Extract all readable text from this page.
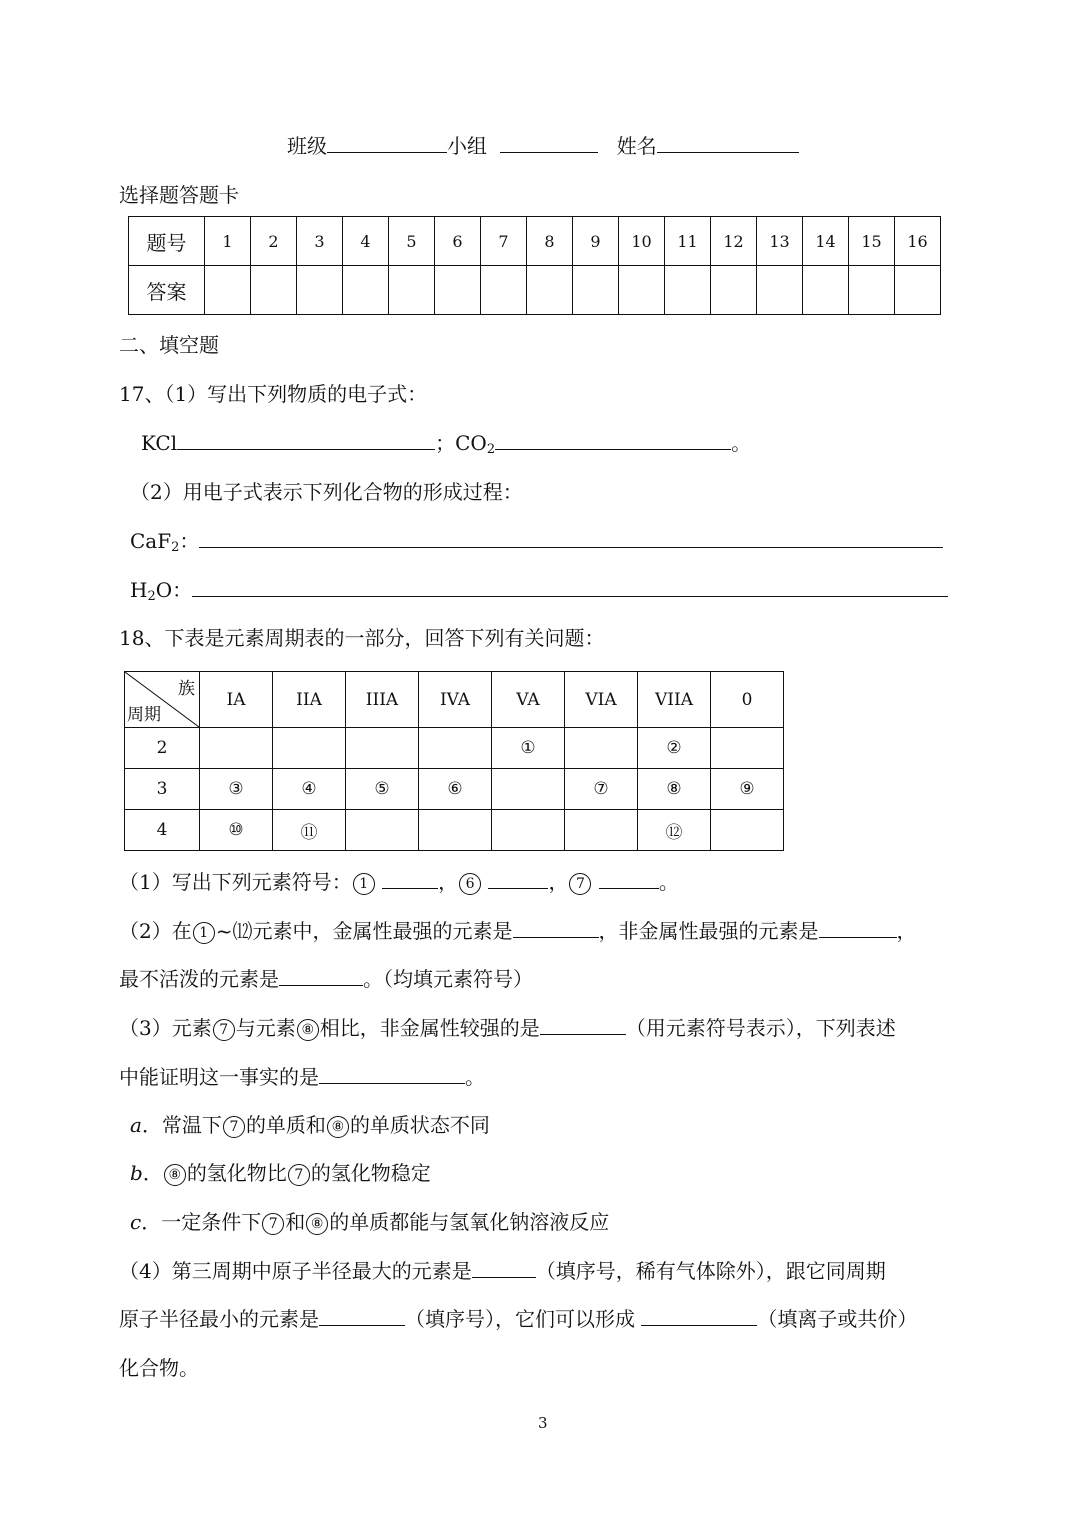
班级	小组	姓名
选择题答题卡
题号	1	2	3	4	5	6	7	8	9	10	11	12	13	14	15	16
答案																
二、填空题
17、（1）写出下列物质的电子式：
KCl	；$CO_2$	。
（2）用电子式表示下列化合物的形成过程：
CaF$_2$：
$H_2O$：
18、下表是元素周期表的一部分，回答下列有关问题：
族
周期	IA	IIA	IIIA	IVA	VA	VIA	VIIA	0
2					①		②	
3	③	④	⑤	⑥		⑦	⑧	⑨
4	⑩	⑪					⑫	
（1）写出下列元素符号： 1	， 6	， 7	。
（2）在 1 ~⑿元素中，金属性最强的元素是	，非金属性最强的元素是	，
最不活泼的元素是	。（均填元素符号）
（3）元素 7 与元素 ⑧ 相比，非金属性较强的是	（用元素符号表示），下列表述
中能证明这一事实的是	。
a．常温下 7 的单质和 ⑧ 的单质状态不同
b． ⑧ 的氢化物比 7 的氢化物稳定
c．一定条件下 7 和 ⑧ 的单质都能与氢氧化钠溶液反应
（4）第三周期中原子半径最大的元素是	（填序号，稀有气体除外），跟它同周期
原子半径最小的元素是	（填序号），它们可以形成	（填离子或共价）
化合物。
3
